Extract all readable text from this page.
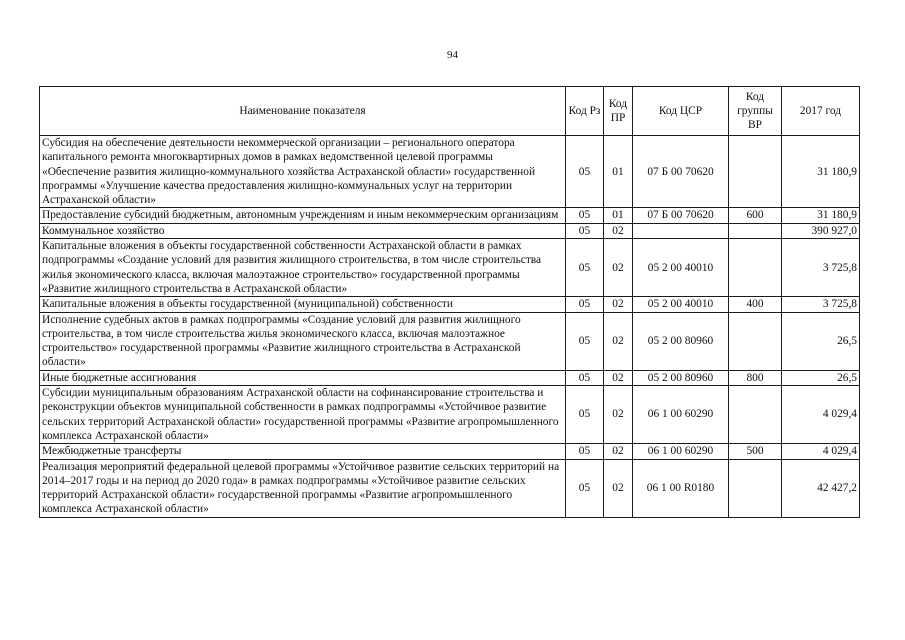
94
Наименование показателя	Код Рз	Код ПР	Код ЦСР	Код группы ВР	2017 год
Субсидия на обеспечение деятельности некоммерческой организации – регионального оператора капитального ремонта многоквартирных домов в рамках ведомственной целевой программы «Обеспечение развития жилищно-коммунального хозяйства Астраханской области» государственной программы «Улучшение качества предоставления жилищно-коммунальных услуг на территории Астраханской области»	05	01	07 Б 00 70620		31 180,9
Предоставление субсидий бюджетным, автономным учреждениям и иным некоммерческим организациям	05	01	07 Б 00 70620	600	31 180,9
Коммунальное хозяйство	05	02			390 927,0
Капитальные вложения в объекты государственной собственности Астраханской области в рамках подпрограммы «Создание условий для развития жилищного строительства, в том числе строительства жилья экономического класса, включая малоэтажное строительство» государственной программы «Развитие жилищного строительства в Астраханской области»	05	02	05 2 00 40010		3 725,8
Капитальные вложения в объекты государственной (муниципальной) собственности	05	02	05 2 00 40010	400	3 725,8
Исполнение судебных актов в рамках подпрограммы «Создание условий для развития жилищного строительства, в том числе строительства жилья экономического класса, включая малоэтажное строительство» государственной программы «Развитие жилищного строительства в Астраханской области»	05	02	05 2 00 80960		26,5
Иные бюджетные ассигнования	05	02	05 2 00 80960	800	26,5
Субсидии муниципальным образованиям Астраханской области на софинансирование строительства и реконструкции объектов муниципальной собственности в рамках подпрограммы «Устойчивое развитие сельских территорий Астраханской области» государственной программы «Развитие агропромышленного комплекса Астраханской области»	05	02	06 1 00 60290		4 029,4
Межбюджетные трансферты	05	02	06 1 00 60290	500	4 029,4
Реализация мероприятий федеральной целевой программы «Устойчивое развитие сельских территорий на 2014–2017 годы и на период до 2020 года» в рамках подпрограммы «Устойчивое развитие сельских территорий Астраханской области» государственной программы «Развитие агропромышленного комплекса Астраханской области»	05	02	06 1 00 R0180		42 427,2
